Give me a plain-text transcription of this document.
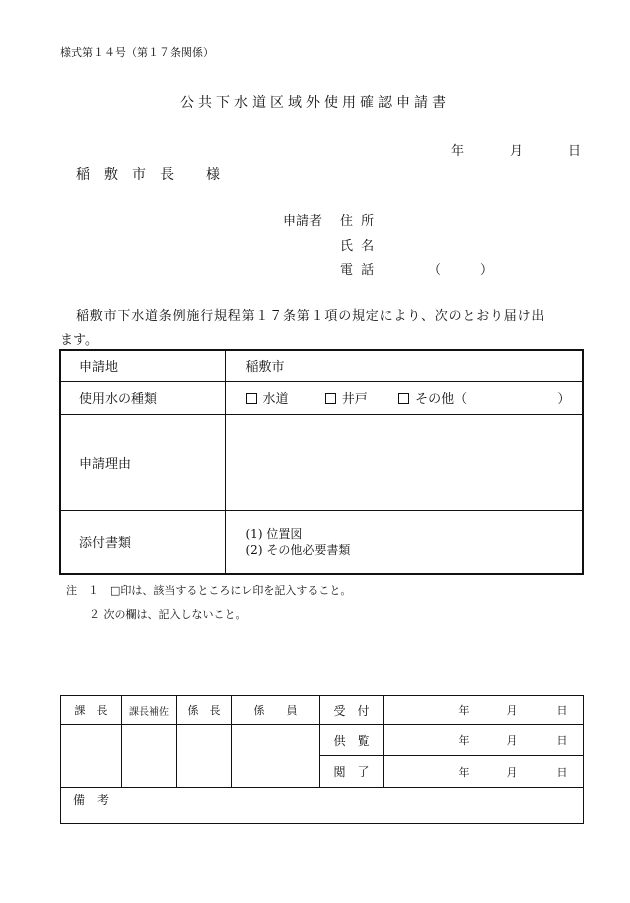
様式第１４号（第１７条関係）
公共下水道区域外使用確認申請書
年	月	日
稲　敷　市　長 様
申請者 住 所
氏 名
電 話	（	）
稲敷市下水道条例施行規程第１７条第１項の規定により、次のとおり届け出
ます。
申請地	稲敷市
使用水の種類	水道 井戸 その他（ ）
申請理由	
添付書類	(1) 位置図
(2) その他必要書類
注　１　□印は、該当するところにレ印を記入すること。
２ 次の欄は、記入しないこと。
課　長	課長補佐	係　長	係　　員	受　付	年 月 日
				供　覧	年 月 日
				閲　了	年 月 日
備　考					
